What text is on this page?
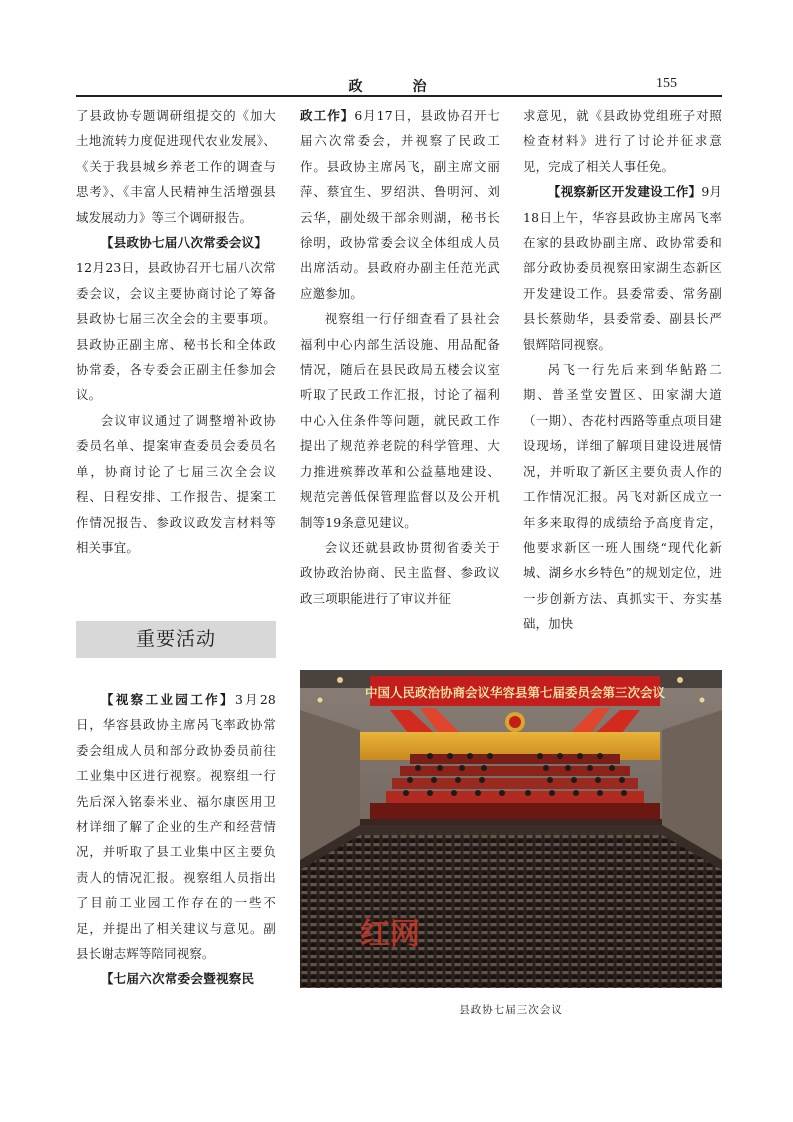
政　治	155

了县政协专题调研组提交的《加大土地流转力度促进现代农业发展》、《关于我县城乡养老工作的调查与思考》、《丰富人民精神生活增强县域发展动力》等三个调研报告。

【县政协七届八次常委会议】

12月23日，县政协召开七届八次常委会议，会议主要协商讨论了筹备县政协七届三次全会的主要事项。县政协正副主席、秘书长和全体政协常委，各专委会正副主任参加会议。

会议审议通过了调整增补政协委员名单、提案审查委员会委员名单，协商讨论了七届三次全会议程、日程安排、工作报告、提案工作情况报告、参政议政发言材料等相关事宜。

重要活动

【视察工业园工作】3月28日，华容县政协主席呙飞率政协常委会组成人员和部分政协委员前往工业集中区进行视察。视察组一行先后深入铭泰米业、福尔康医用卫材详细了解了企业的生产和经营情况，并听取了县工业集中区主要负责人的情况汇报。视察组人员指出了目前工业园工作存在的一些不足，并提出了相关建议与意见。副县长谢志辉等陪同视察。

【七届六次常委会暨视察民

政工作】6月17日，县政协召开七届六次常委会，并视察了民政工作。县政协主席呙飞，副主席文丽萍、蔡宜生、罗绍洪、鲁明河、刘云华，副处级干部余则湖，秘书长徐明，政协常委会议全体组成人员出席活动。县政府办副主任范光武应邀参加。

视察组一行仔细查看了县社会福利中心内部生活设施、用品配备情况，随后在县民政局五楼会议室听取了民政工作汇报，讨论了福利中心入住条件等问题，就民政工作提出了规范养老院的科学管理、大力推进殡葬改革和公益墓地建设、规范完善低保管理监督以及公开机制等19条意见建议。

会议还就县政协贯彻省委关于政协政治协商、民主监督、参政议政三项职能进行了审议并征

求意见，就《县政协党组班子对照检查材料》进行了讨论并征求意见，完成了相关人事任免。

【视察新区开发建设工作】9月18日上午，华容县政协主席呙飞率在家的县政协副主席、政协常委和部分政协委员视察田家湖生态新区开发建设工作。县委常委、常务副县长蔡勋华，县委常委、副县长严银辉陪同视察。

呙飞一行先后来到华鲇路二期、普圣堂安置区、田家湖大道（一期）、杏花村西路等重点项目建设现场，详细了解项目建设进展情况，并听取了新区主要负责人作的工作情况汇报。呙飞对新区成立一年多来取得的成绩给予高度肯定，他要求新区一班人围绕“现代化新城、湖乡水乡特色”的规划定位，进一步创新方法、真抓实干、夯实基础，加快

中国人民政治协商会议华容县第七届委员会第三次会议
红网
县政协七届三次会议
